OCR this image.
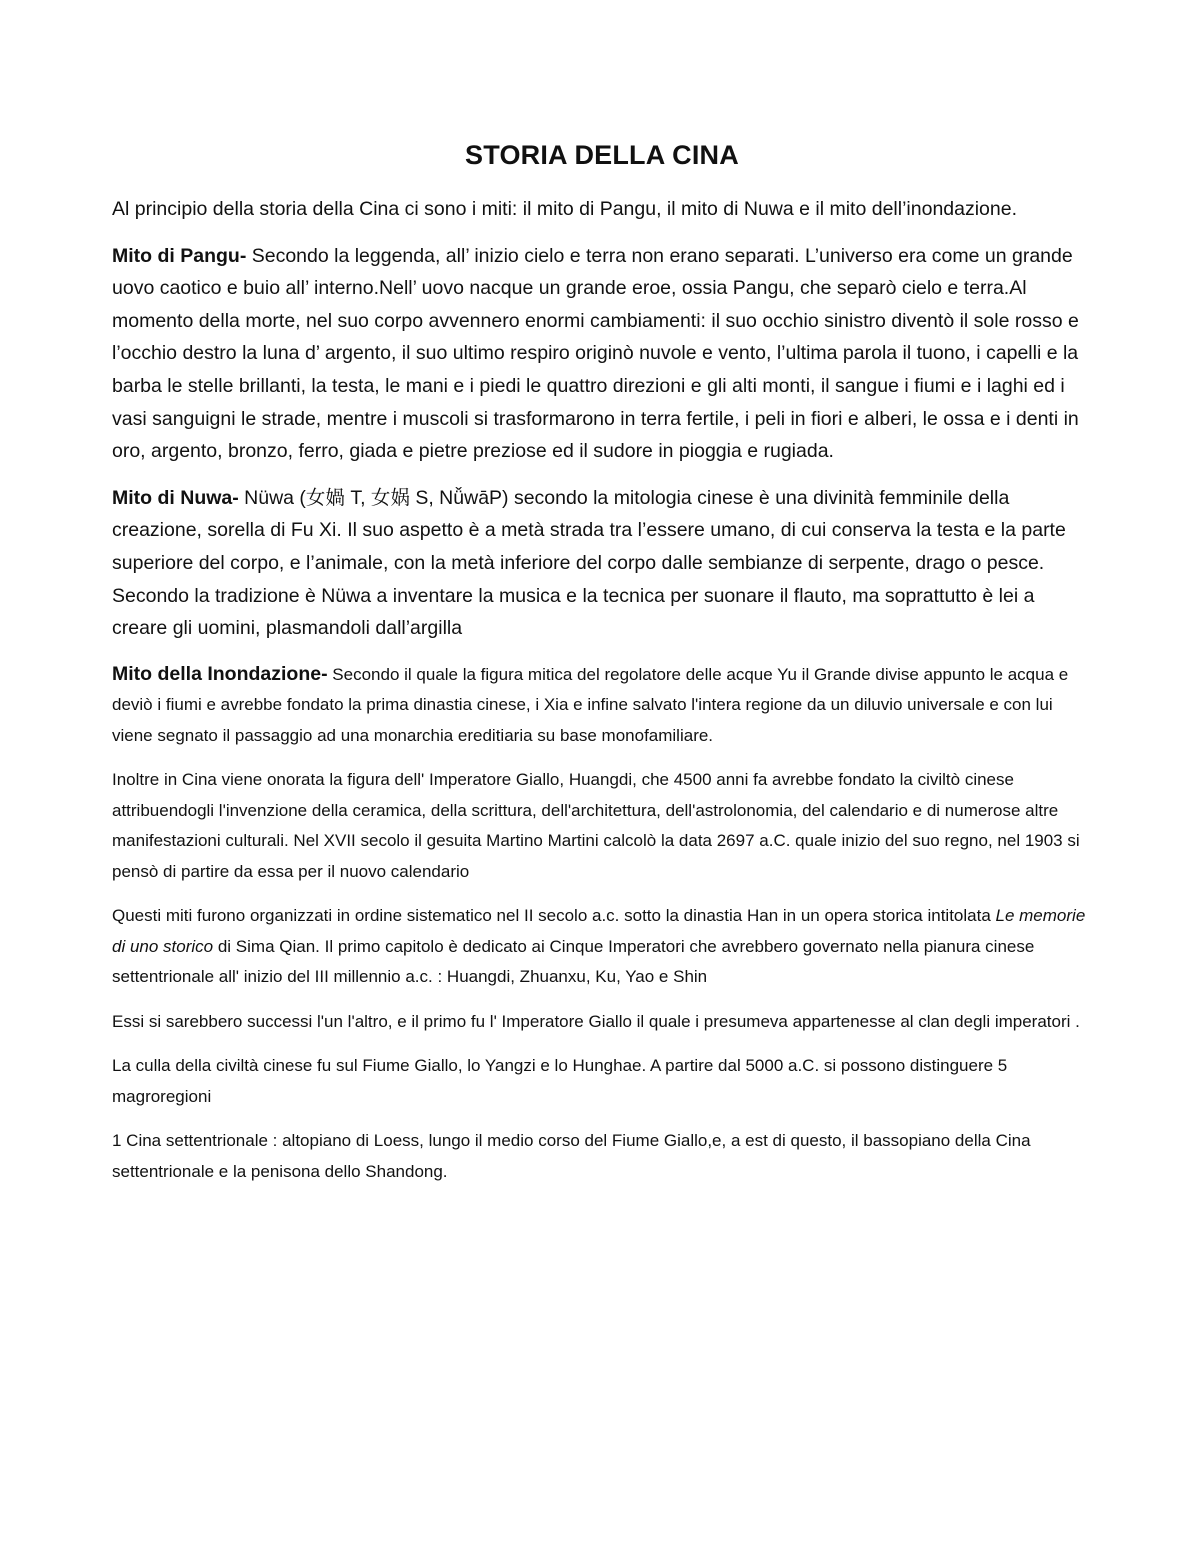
STORIA DELLA CINA

Al principio della storia della Cina ci sono i miti: il mito di Pangu, il mito di Nuwa e il mito dell’inondazione.

Mito di Pangu- Secondo la leggenda, all’ inizio cielo e terra non erano separati. L’universo era come un grande uovo caotico e buio all’ interno.Nell’ uovo nacque un grande eroe, ossia Pangu, che separò cielo e terra.Al momento della morte, nel suo corpo avvennero enormi cambiamenti: il suo occhio sinistro diventò il sole rosso e l’occhio destro la luna d’ argento, il suo ultimo respiro originò nuvole e vento, l’ultima parola il tuono, i capelli e la barba le stelle brillanti, la testa, le mani e i piedi le quattro direzioni e gli alti monti, il sangue i fiumi e i laghi ed i vasi sanguigni le strade, mentre i muscoli si trasformarono in terra fertile, i peli in fiori e alberi, le ossa e i denti in oro, argento, bronzo, ferro, giada e pietre preziose ed il sudore in pioggia e rugiada.

Mito di Nuwa- Nüwa (女媧 T, 女娲 S, NǚwāP) secondo la mitologia cinese è una divinità femminile della creazione, sorella di Fu Xi. Il suo aspetto è a metà strada tra l’essere umano, di cui conserva la testa e la parte superiore del corpo, e l’animale, con la metà inferiore del corpo dalle sembianze di serpente, drago o pesce. Secondo la tradizione è Nüwa a inventare la musica e la tecnica per suonare il flauto, ma soprattutto è lei a creare gli uomini, plasmandoli dall’argilla

Mito della Inondazione- Secondo il quale la figura mitica del regolatore delle acque Yu il Grande divise appunto le acqua e deviò i fiumi e avrebbe fondato la prima dinastia cinese, i Xia e infine salvato l'intera regione da un diluvio universale e con lui viene segnato il passaggio ad una monarchia ereditiaria su base monofamiliare.

Inoltre in Cina viene onorata la figura dell' Imperatore Giallo, Huangdi, che 4500 anni fa avrebbe fondato la civiltò cinese attribuendogli l'invenzione della ceramica, della scrittura, dell'architettura, dell'astrolonomia, del calendario e di numerose altre manifestazioni culturali. Nel XVII secolo il gesuita Martino Martini calcolò la data 2697 a.C. quale inizio del suo regno, nel 1903 si pensò di partire da essa per il nuovo calendario

Questi miti furono organizzati in ordine sistematico nel II secolo a.c. sotto la dinastia Han in un opera storica intitolata Le memorie di uno storico di Sima Qian. Il primo capitolo è dedicato ai Cinque Imperatori che avrebbero governato nella pianura cinese settentrionale all' inizio del III millennio a.c. : Huangdi, Zhuanxu, Ku, Yao e Shin

Essi si sarebbero successi l'un l'altro, e il primo fu l' Imperatore Giallo il quale i presumeva appartenesse al clan degli imperatori .

La culla della civiltà cinese fu sul Fiume Giallo, lo Yangzi e lo Hunghae. A partire dal 5000 a.C. si possono distinguere 5 magroregioni

1 Cina settentrionale : altopiano di Loess, lungo il medio corso del Fiume Giallo,e, a est di questo, il bassopiano della Cina settentrionale e la penisona dello Shandong.
